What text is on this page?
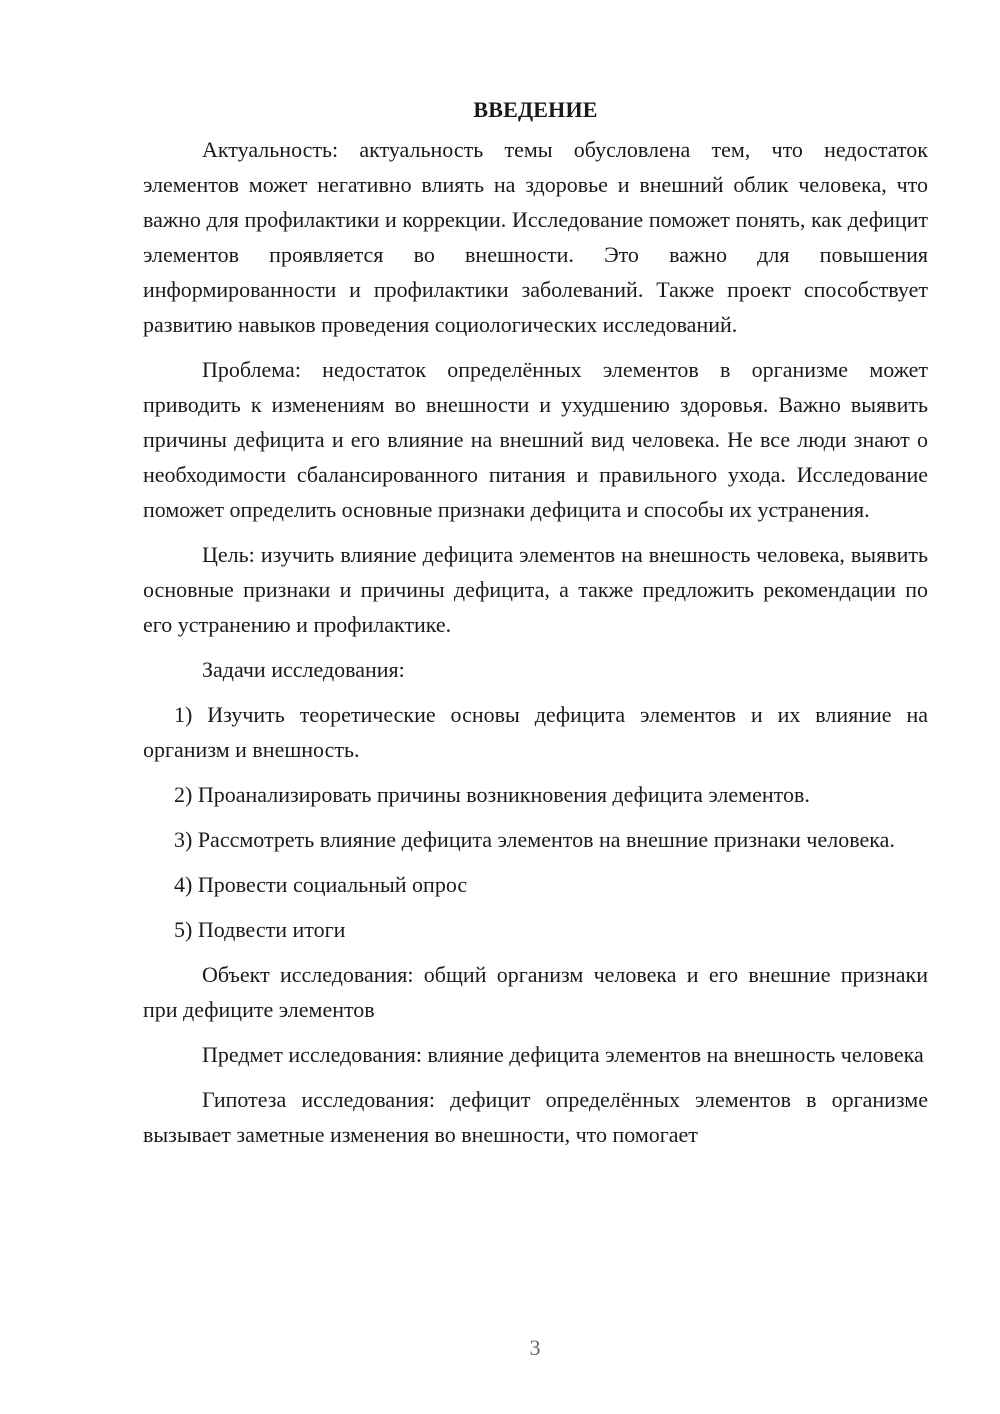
ВВЕДЕНИЕ

Актуальность: актуальность темы обусловлена тем, что недостаток элементов может негативно влиять на здоровье и внешний облик человека, что важно для профилактики и коррекции. Исследование поможет понять, как дефицит элементов проявляется во внешности. Это важно для повышения информированности и профилактики заболеваний. Также проект способствует развитию навыков проведения социологических исследований.

Проблема: недостаток определённых элементов в организме может приводить к изменениям во внешности и ухудшению здоровья. Важно выявить причины дефицита и его влияние на внешний вид человека. Не все люди знают о необходимости сбалансированного питания и правильного ухода. Исследование поможет определить основные признаки дефицита и способы их устранения.

Цель: изучить влияние дефицита элементов на внешность человека, выявить основные признаки и причины дефицита, а также предложить рекомендации по его устранению и профилактике.

Задачи исследования:

1) Изучить теоретические основы дефицита элементов и их влияние на организм и внешность.

2) Проанализировать причины возникновения дефицита элементов.

3) Рассмотреть влияние дефицита элементов на внешние признаки человека.

4) Провести социальный опрос

5) Подвести итоги

Объект исследования: общий организм человека и его внешние признаки при дефиците элементов

Предмет исследования: влияние дефицита элементов на внешность человека

Гипотеза исследования: дефицит определённых элементов в организме вызывает заметные изменения во внешности, что помогает

3
